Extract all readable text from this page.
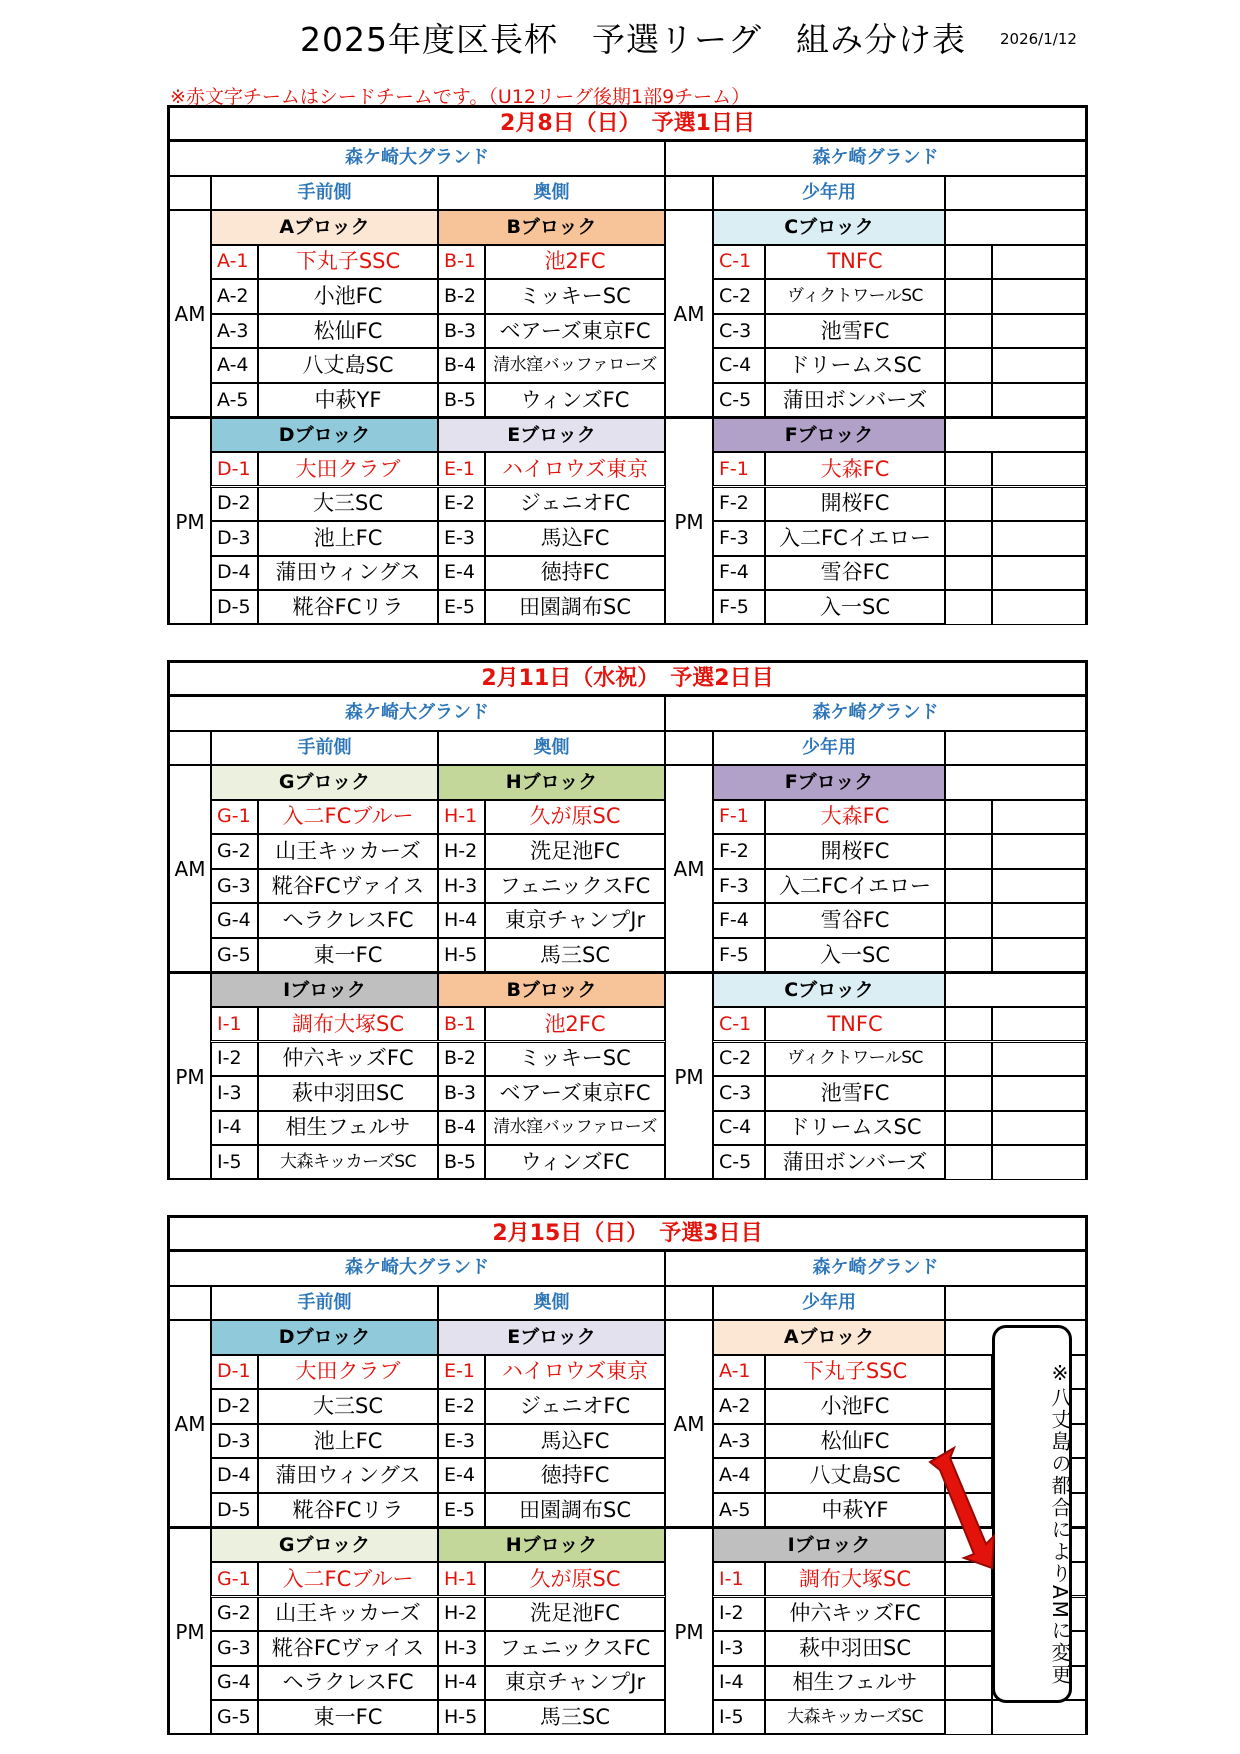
2025年度区長杯　予選リーグ　組み分け表 2026/1/12
※赤文字チームはシードチームです。（U12リーグ後期1部9チーム）
2月8日（日）　予選1日目
森ケ崎大グランド	森ケ崎グランド
手前側	奥側	少年用
AM	AM
Aブロック
A-1	下丸子SSC
A-2	小池FC
A-3	松仙FC
A-4	八丈島SC
A-5	中萩YF
Bブロック
B-1	池2FC
B-2	ミッキーSC
B-3	ベアーズ東京FC
B-4	清水窪バッファローズ
B-5	ウィンズFC
Cブロック
C-1	TNFC
C-2	ヴィクトワールSC
C-3	池雪FC
C-4	ドリームスSC
C-5	蒲田ボンバーズ
PM	PM
Dブロック
D-1	大田クラブ
D-2	大三SC
D-3	池上FC
D-4	蒲田ウィングス
D-5	糀谷FCリラ
Eブロック
E-1	ハイロウズ東京
E-2	ジェニオFC
E-3	馬込FC
E-4	徳持FC
E-5	田園調布SC
Fブロック
F-1	大森FC
F-2	開桜FC
F-3	入二FCイエロー
F-4	雪谷FC
F-5	入一SC
2月11日（水祝）　予選2日目
森ケ崎大グランド	森ケ崎グランド
手前側	奥側	少年用
AM	AM
Gブロック
G-1	入二FCブルー
G-2	山王キッカーズ
G-3	糀谷FCヴァイス
G-4	ヘラクレスFC
G-5	東一FC
Hブロック
H-1	久が原SC
H-2	洗足池FC
H-3	フェニックスFC
H-4	東京チャンプJr
H-5	馬三SC
Fブロック
F-1	大森FC
F-2	開桜FC
F-3	入二FCイエロー
F-4	雪谷FC
F-5	入一SC
PM	PM
Iブロック
I-1	調布大塚SC
I-2	仲六キッズFC
I-3	萩中羽田SC
I-4	相生フェルサ
I-5	大森キッカーズSC
Bブロック
B-1	池2FC
B-2	ミッキーSC
B-3	ベアーズ東京FC
B-4	清水窪バッファローズ
B-5	ウィンズFC
Cブロック
C-1	TNFC
C-2	ヴィクトワールSC
C-3	池雪FC
C-4	ドリームスSC
C-5	蒲田ボンバーズ
2月15日（日）　予選3日目
森ケ崎大グランド	森ケ崎グランド
手前側	奥側	少年用
AM	AM
Dブロック
D-1	大田クラブ
D-2	大三SC
D-3	池上FC
D-4	蒲田ウィングス
D-5	糀谷FCリラ
Eブロック
E-1	ハイロウズ東京
E-2	ジェニオFC
E-3	馬込FC
E-4	徳持FC
E-5	田園調布SC
Aブロック
A-1	下丸子SSC
A-2	小池FC
A-3	松仙FC
A-4	八丈島SC
A-5	中萩YF
PM	PM
Gブロック
G-1	入二FCブルー
G-2	山王キッカーズ
G-3	糀谷FCヴァイス
G-4	ヘラクレスFC
G-5	東一FC
Hブロック
H-1	久が原SC
H-2	洗足池FC
H-3	フェニックスFC
H-4	東京チャンプJr
H-5	馬三SC
Iブロック
I-1	調布大塚SC
I-2	仲六キッズFC
I-3	萩中羽田SC
I-4	相生フェルサ
I-5	大森キッカーズSC
※八丈島の都合によりAMに変更
